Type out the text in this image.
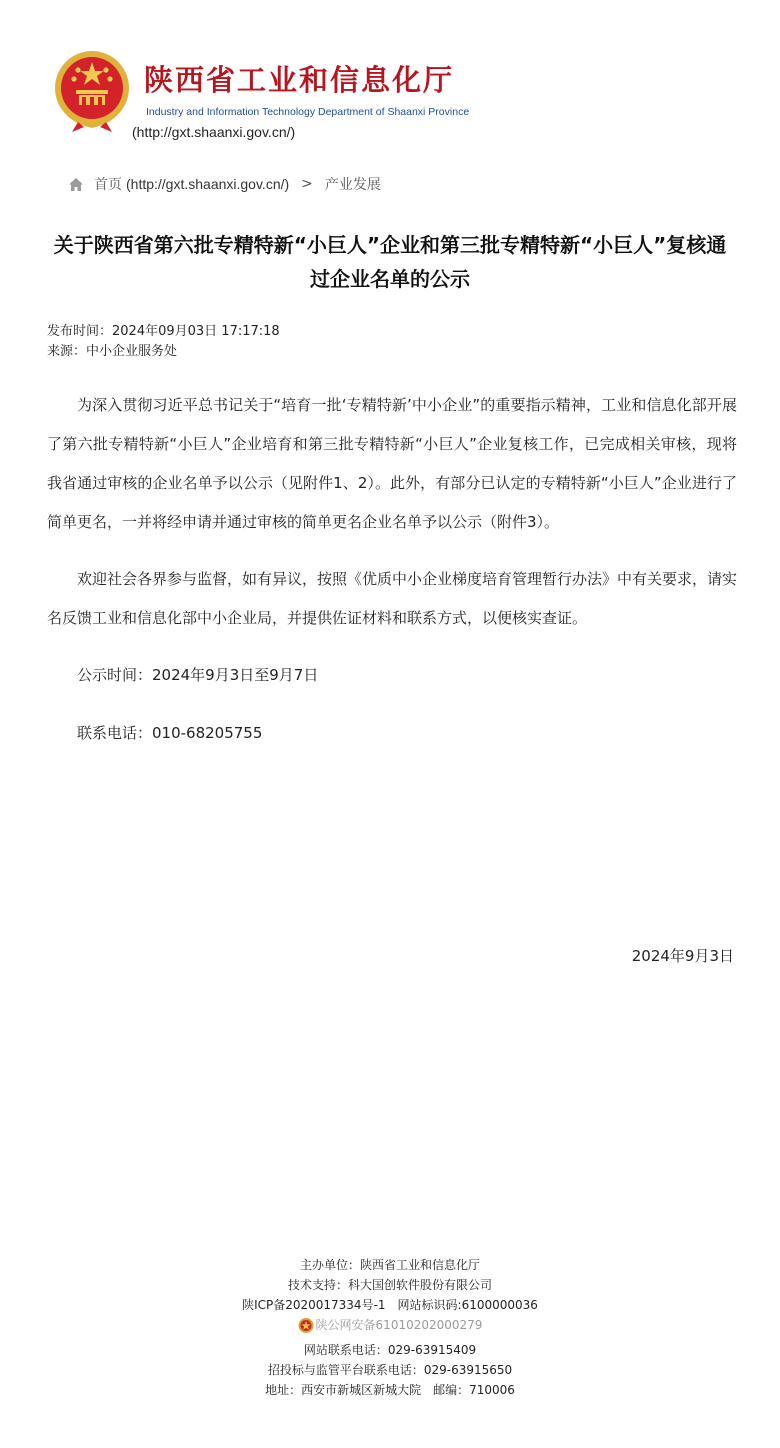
陕西省工业和信息化厅
Industry and Information Technology Department of Shaanxi Province
(http://gxt.shaanxi.gov.cn/)
首页 (http://gxt.shaanxi.gov.cn/) > 产业发展
关于陕西省第六批专精特新“小巨人”企业和第三批专精特新“小巨人”复核通过企业名单的公示
发布时间：2024年09月03日 17:17:18
来源：中小企业服务处

为深入贯彻习近平总书记关于“培育一批‘专精特新’中小企业”的重要指示精神，工业和信息化部开展了第六批专精特新“小巨人”企业培育和第三批专精特新“小巨人”企业复核工作，已完成相关审核，现将我省通过审核的企业名单予以公示（见附件1、2）。此外，有部分已认定的专精特新“小巨人”企业进行了简单更名，一并将经申请并通过审核的简单更名企业名单予以公示（附件3）。

欢迎社会各界参与监督，如有异议，按照《优质中小企业梯度培育管理暂行办法》中有关要求，请实名反馈工业和信息化部中小企业局，并提供佐证材料和联系方式，以便核实查证。

公示时间：2024年9月3日至9月7日

联系电话：010-68205755

2024年9月3日
主办单位：陕西省工业和信息化厅
技术支持：科大国创软件股份有限公司
陕ICP备2020017334号-1　网站标识码:6100000036
陕公网安备61010202000279
网站联系电话：029-63915409
招投标与监管平台联系电话：029-63915650
地址：西安市新城区新城大院　邮编：710006
